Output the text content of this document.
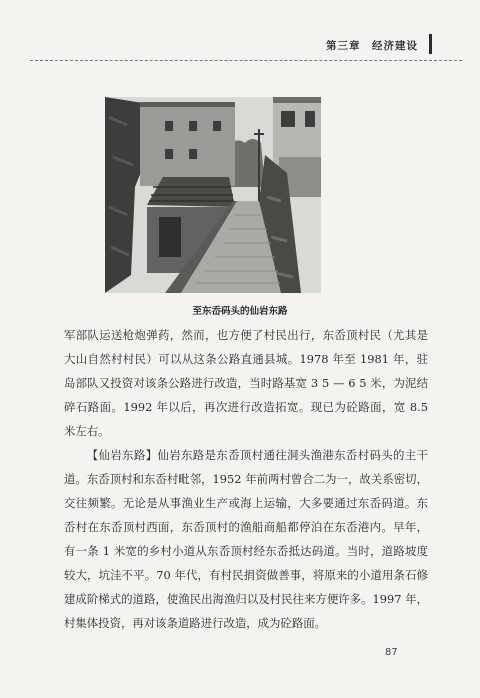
第三章　经济建设
至东岙码头的仙岩东路

军部队运送枪炮弹药，然而，也方便了村民出行，东岙顶村民（尤其是大山自然村村民）可以从这条公路直通县城。1978 年至 1981 年，驻岛部队又投资对该条公路进行改造，当时路基宽 3 5 — 6 5 米，为泥结碎石路面。1992 年以后，再次进行改造拓宽。现已为砼路面，宽 8.5 米左右。

【仙岩东路】仙岩东路是东岙顶村通往洞头渔港东岙村码头的主干道。东岙顶村和东岙村毗邻，1952 年前两村曾合二为一，故关系密切，交往频繁。无论是从事渔业生产或海上运输，大多要通过东岙码道。东岙村在东岙顶村西面，东岙顶村的渔船商船都停泊在东岙港内。早年，有一条 1 米宽的乡村小道从东岙顶村经东岙抵达码道。当时，道路坡度较大，坑洼不平。70 年代，有村民捐资做善事，将原来的小道用条石修建成阶梯式的道路，使渔民出海渔归以及村民往来方便许多。1997 年，村集体投资，再对该条道路进行改造，成为砼路面。

87
